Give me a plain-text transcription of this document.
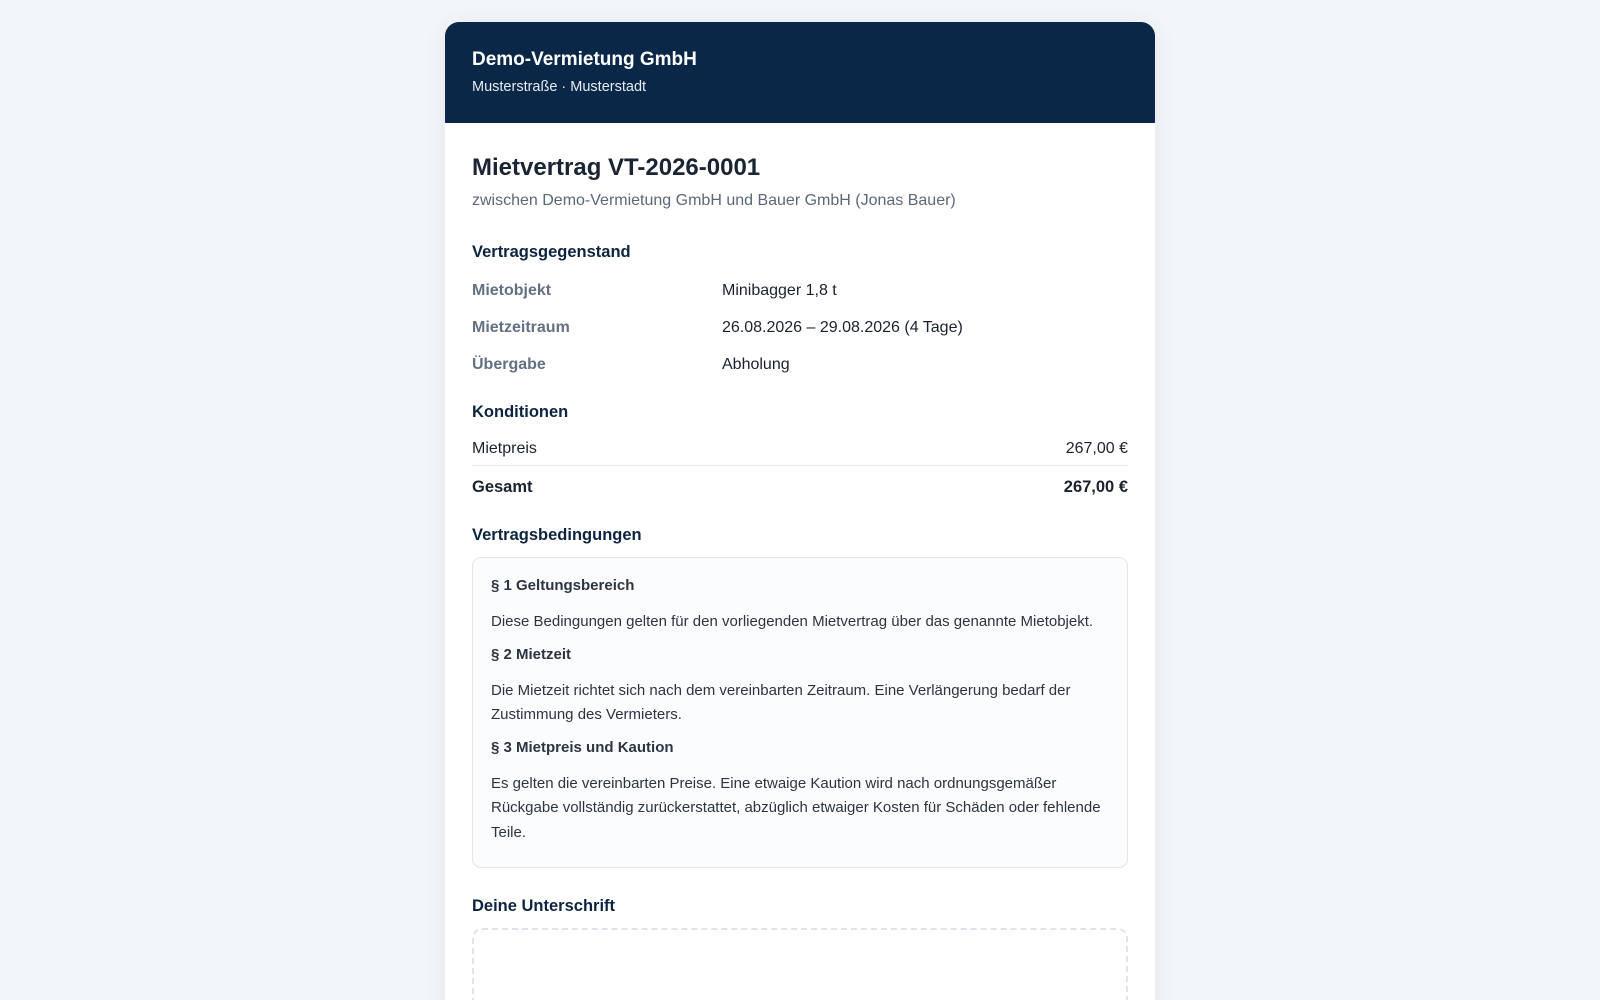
Demo-Vermietung GmbH
Musterstraße · Musterstadt
Mietvertrag VT-2026-0001
zwischen Demo-Vermietung GmbH und Bauer GmbH (Jonas Bauer)
Vertragsgegenstand
Mietobjekt	Minibagger 1,8 t
Mietzeitraum	26.08.2026 – 29.08.2026 (4 Tage)
Übergabe	Abholung
Konditionen
Mietpreis	267,00 €
Gesamt	267,00 €
Vertragsbedingungen
§ 1 Geltungsbereich

Diese Bedingungen gelten für den vorliegenden Mietvertrag über das genannte Mietobjekt.

§ 2 Mietzeit

Die Mietzeit richtet sich nach dem vereinbarten Zeitraum. Eine Verlängerung bedarf der Zustimmung des Vermieters.

§ 3 Mietpreis und Kaution

Es gelten die vereinbarten Preise. Eine etwaige Kaution wird nach ordnungsgemäßer Rückgabe vollständig zurückerstattet, abzüglich etwaiger Kosten für Schäden oder fehlende Teile.

Deine Unterschrift
